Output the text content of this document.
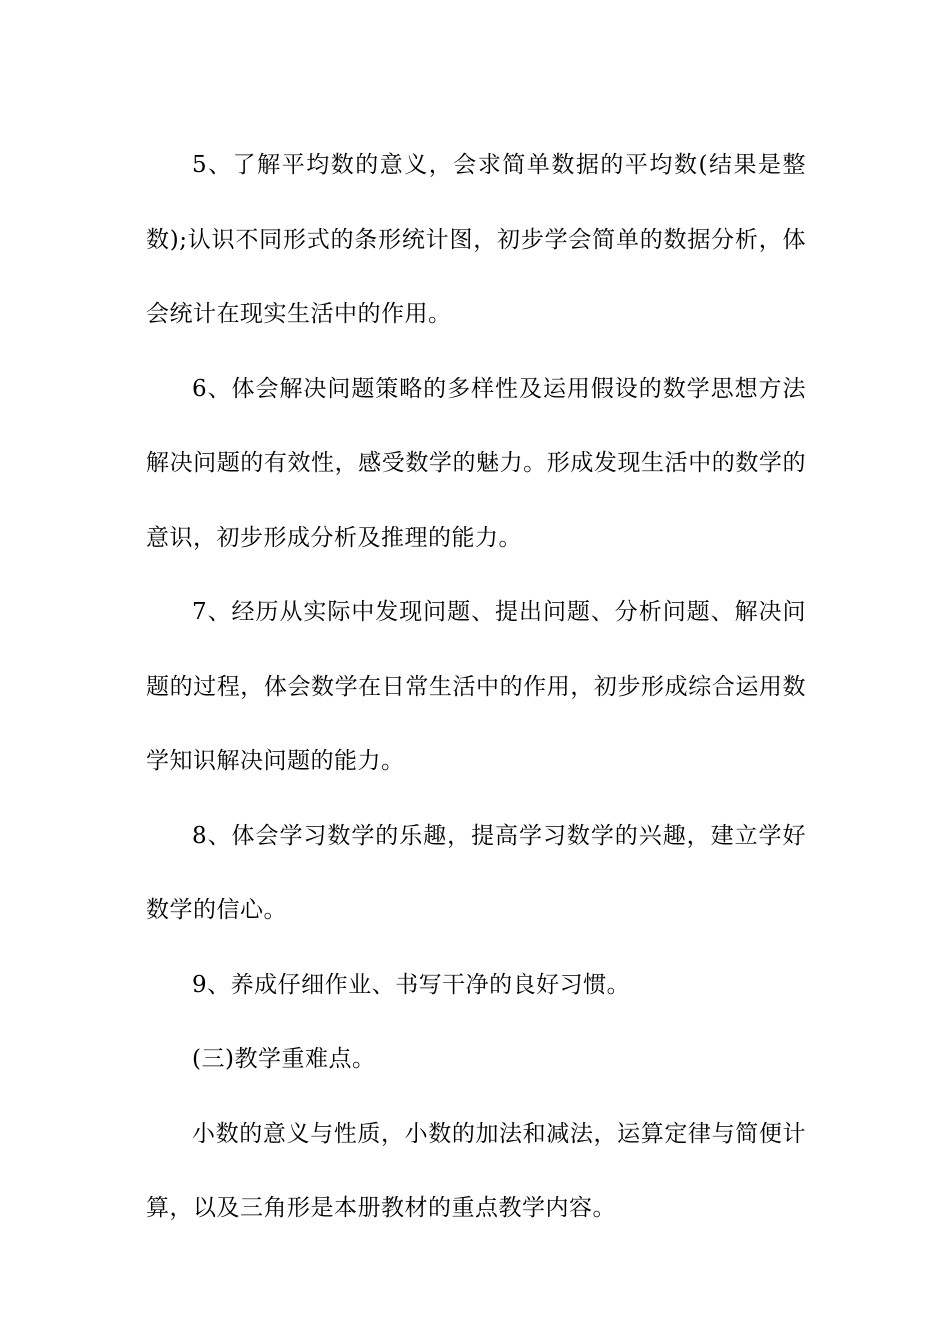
5、了解平均数的意义，会求简单数据的平均数(结果是整数);认识不同形式的条形统计图，初步学会简单的数据分析，体会统计在现实生活中的作用。

6、体会解决问题策略的多样性及运用假设的数学思想方法解决问题的有效性，感受数学的魅力。形成发现生活中的数学的意识，初步形成分析及推理的能力。

7、经历从实际中发现问题、提出问题、分析问题、解决问题的过程，体会数学在日常生活中的作用，初步形成综合运用数学知识解决问题的能力。

8、体会学习数学的乐趣，提高学习数学的兴趣，建立学好数学的信心。

9、养成仔细作业、书写干净的良好习惯。

(三)教学重难点。

小数的意义与性质，小数的加法和减法，运算定律与简便计算，以及三角形是本册教材的重点教学内容。
